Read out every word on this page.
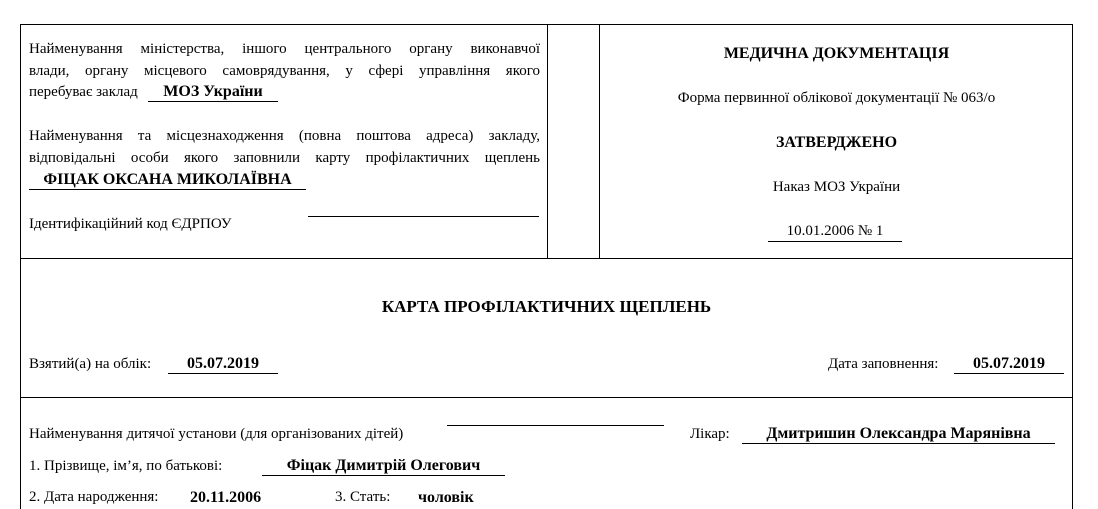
Найменування міністерства, іншого центрального органу виконавчої
влади, органу місцевого самоврядування, у сфері управління якого
перебуває заклад	МОЗ України
Найменування та місцезнаходження (повна поштова адреса) закладу,
відповідальні особи якого заповнили карту профілактичних щеплень
ФІЦАК ОКСАНА МИКОЛАЇВНА
Ідентифікаційний код ЄДРПОУ
МЕДИЧНА ДОКУМЕНТАЦІЯ
Форма первинної облікової документації № 063/о
ЗАТВЕРДЖЕНО
Наказ МОЗ України
10.01.2006 № 1
КАРТА ПРОФІЛАКТИЧНИХ ЩЕПЛЕНЬ
Взятий(а) на облік:	05.07.2019	Дата заповнення:	05.07.2019
Найменування дитячої установи (для організованих дітей)	Лікар:	Дмитришин Олександра Марянівна
1. Прізвище, ім’я, по батькові:	Фіцак Димитрій Олегович
2. Дата народження: 20.11.2006	3. Стать: чоловік
